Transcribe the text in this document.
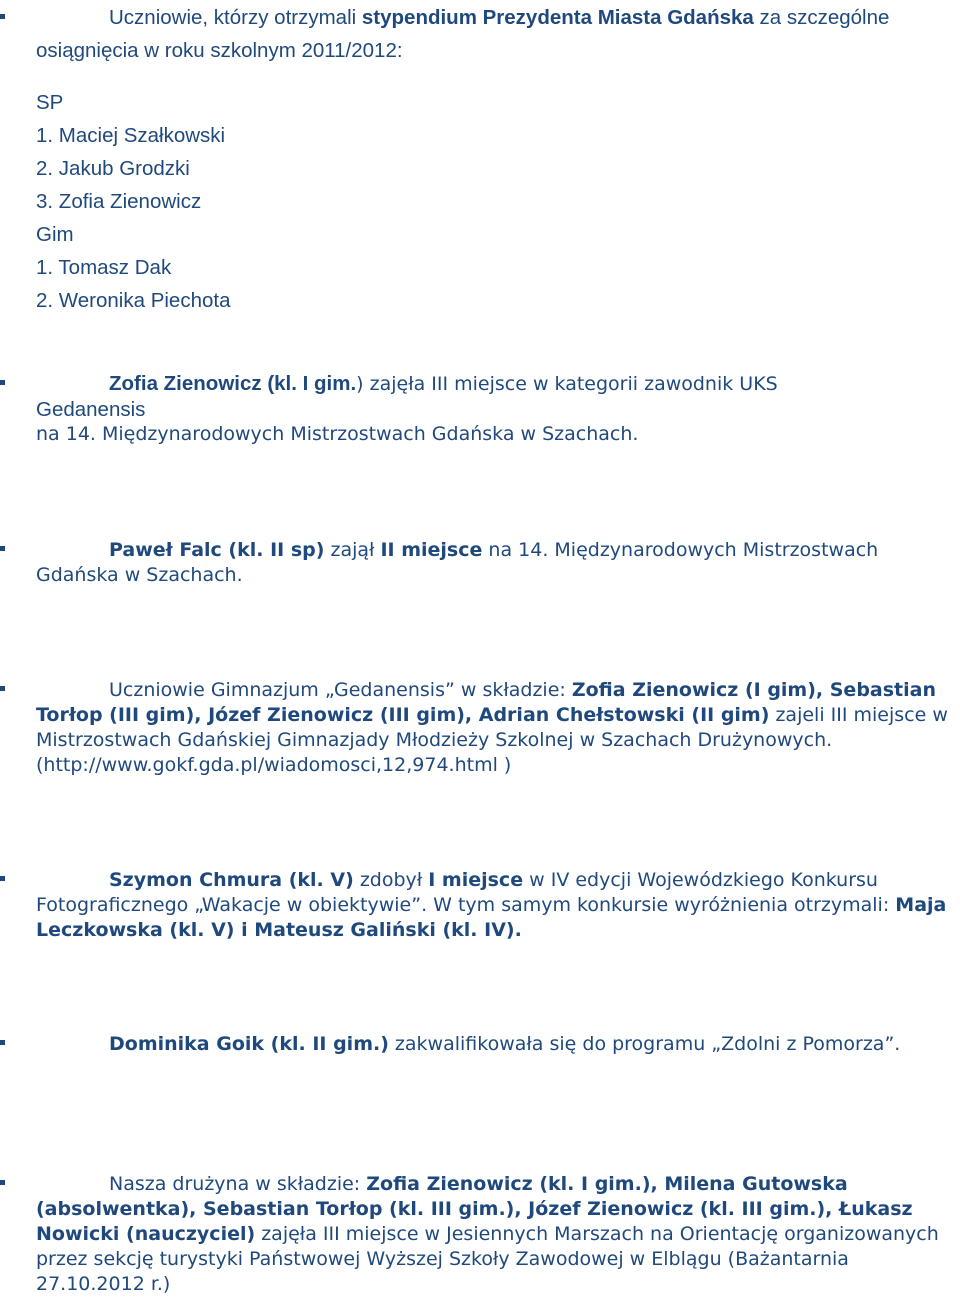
Uczniowie, którzy otrzymali stypendium Prezydenta Miasta Gdańska za szczególne osiągnięcia w roku szkolnym 2011/2012:

SP

1. Maciej Szałkowski

2. Jakub Grodzki

3. Zofia Zienowicz

Gim

1. Tomasz Dak

2. Weronika Piechota

Zofia Zienowicz (kl. I gim.) zajęła III miejsce w kategorii zawodnik UKS
Gedanensis

na 14. Międzynarodowych Mistrzostwach Gdańska w Szachach.

Paweł Falc (kl. II sp) zajął II miejsce na 14. Międzynarodowych Mistrzostwach Gdańska w Szachach.
Uczniowie Gimnazjum „Gedanensis” w składzie: Zofia Zienowicz (I gim), Sebastian Torłop (III gim), Józef Zienowicz (III gim), Adrian Chełstowski (II gim) zajeli III miejsce w Mistrzostwach Gdańskiej Gimnazjady Młodzieży Szkolnej w Szachach Drużynowych. (http://www.gokf.gda.pl/wiadomosci,12,974.html )
Szymon Chmura (kl. V) zdobył I miejsce w IV edycji Wojewódzkiego Konkursu Fotograficznego „Wakacje w obiektywie”. W tym samym konkursie wyróżnienia otrzymali: Maja Leczkowska (kl. V) i Mateusz Galiński (kl. IV).
Dominika Goik (kl. II gim.) zakwalifikowała się do programu „Zdolni z Pomorza”.
Nasza drużyna w składzie: Zofia Zienowicz (kl. I gim.), Milena Gutowska (absolwentka), Sebastian Torłop (kl. III gim.), Józef Zienowicz (kl. III gim.), Łukasz Nowicki (nauczyciel) zajęła III miejsce w Jesiennych Marszach na Orientację organizowanych przez sekcję turystyki Państwowej Wyższej Szkoły Zawodowej w Elblągu (Bażantarnia 27.10.2012 r.)
